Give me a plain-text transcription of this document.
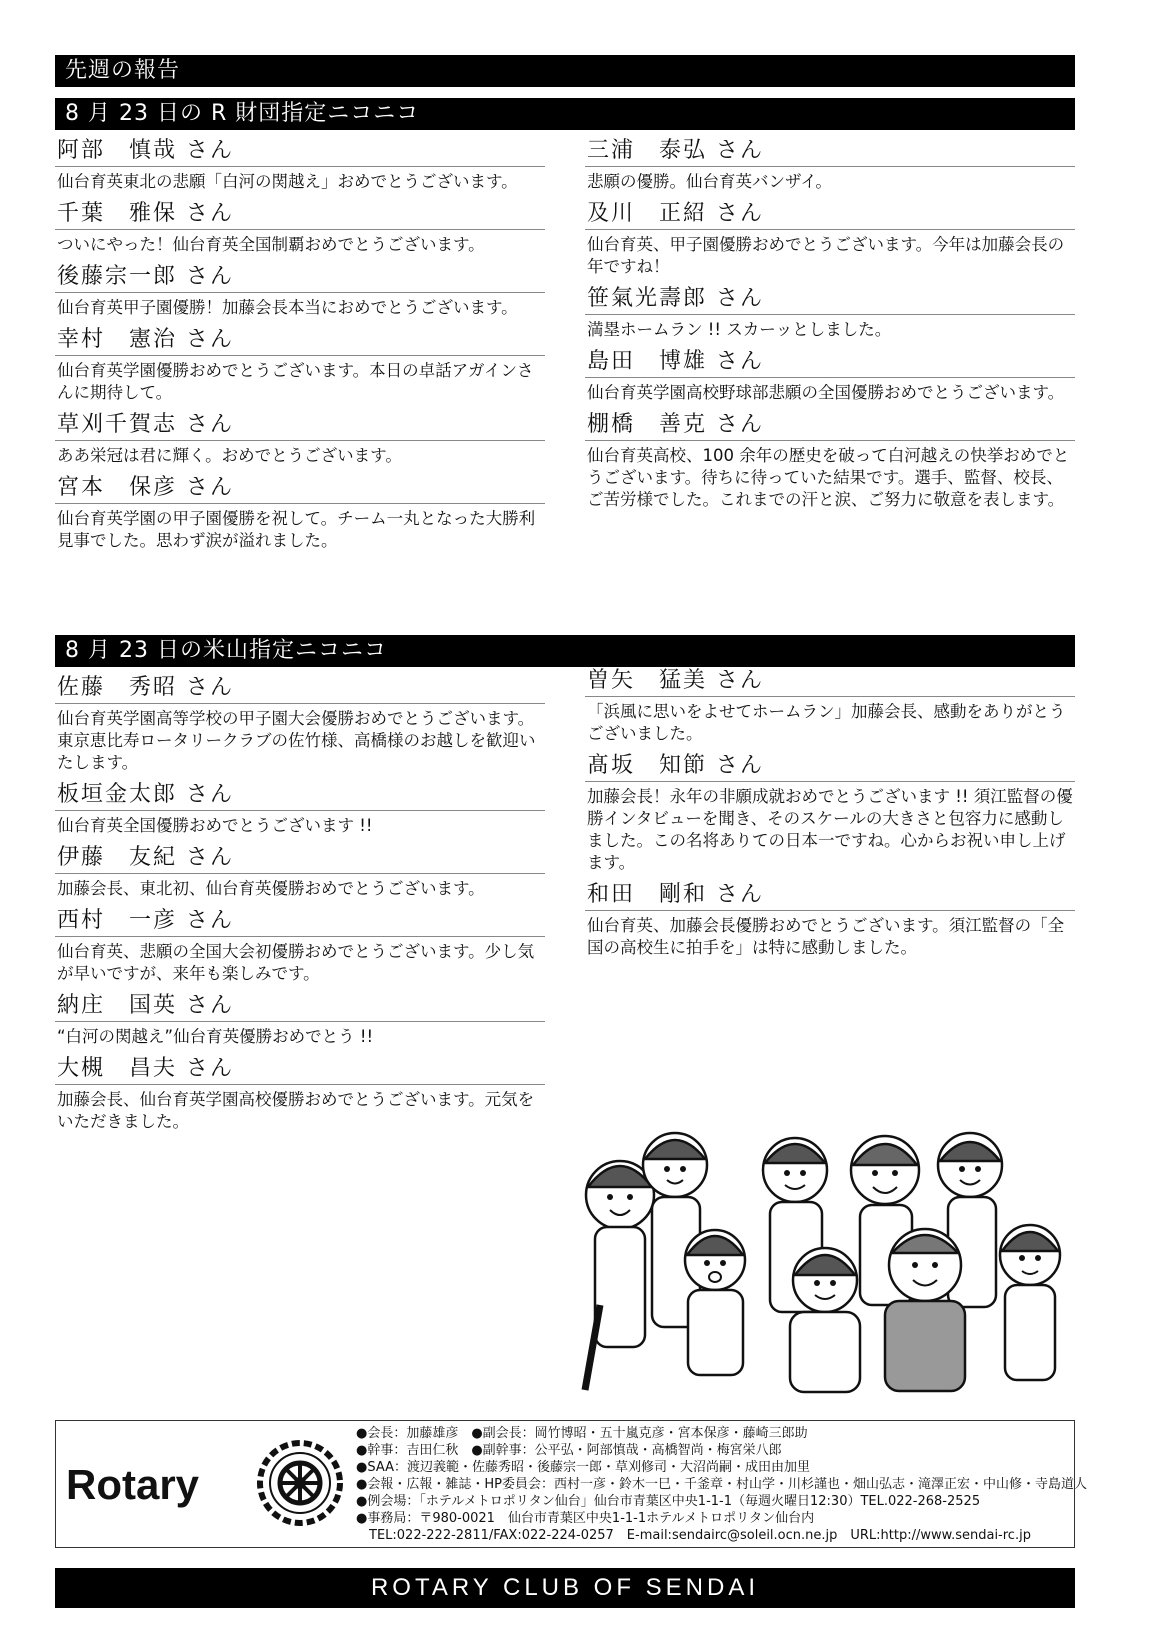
先週の報告
8 月 23 日の R 財団指定ニコニコ
阿部　慎哉 さん
仙台育英東北の悲願「白河の関越え」おめでとうございます。
千葉　雅保 さん
ついにやった！仙台育英全国制覇おめでとうございます。
後藤宗一郎 さん
仙台育英甲子園優勝！加藤会長本当におめでとうございます。
幸村　憲治 さん
仙台育英学園優勝おめでとうございます。本日の卓話アガインさんに期待して。
草刈千賀志 さん
ああ栄冠は君に輝く。おめでとうございます。
宮本　保彦 さん
仙台育英学園の甲子園優勝を祝して。チーム一丸となった大勝利見事でした。思わず涙が溢れました。
三浦　泰弘 さん
悲願の優勝。仙台育英バンザイ。
及川　正紹 さん
仙台育英、甲子園優勝おめでとうございます。今年は加藤会長の年ですね！
笹氣光壽郎 さん
満塁ホームラン !! スカーッとしました。
島田　博雄 さん
仙台育英学園高校野球部悲願の全国優勝おめでとうございます。
棚橋　善克 さん
仙台育英高校、100 余年の歴史を破って白河越えの快挙おめでとうございます。待ちに待っていた結果です。選手、監督、校長、ご苦労様でした。これまでの汗と涙、ご努力に敬意を表します。
8 月 23 日の米山指定ニコニコ
佐藤　秀昭 さん
仙台育英学園高等学校の甲子園大会優勝おめでとうございます。東京恵比寿ロータリークラブの佐竹様、高橋様のお越しを歓迎いたします。
板垣金太郎 さん
仙台育英全国優勝おめでとうございます !!
伊藤　友紀 さん
加藤会長、東北初、仙台育英優勝おめでとうございます。
西村　一彦 さん
仙台育英、悲願の全国大会初優勝おめでとうございます。少し気が早いですが、来年も楽しみです。
納庄　国英 さん
“白河の関越え”仙台育英優勝おめでとう !!
大槻　昌夫 さん
加藤会長、仙台育英学園高校優勝おめでとうございます。元気をいただきました。
曽矢　猛美 さん
「浜風に思いをよせてホームラン」加藤会長、感動をありがとうございました。
髙坂　知節 さん
加藤会長！永年の非願成就おめでとうございます !! 須江監督の優勝インタビューを聞き、そのスケールの大きさと包容力に感動しました。この名将ありての日本一ですね。心からお祝い申し上げます。
和田　剛和 さん
仙台育英、加藤会長優勝おめでとうございます。須江監督の「全国の高校生に拍手を」は特に感動しました。
Rotary
●会長：加藤雄彦　●副会長：岡竹博昭・五十嵐克彦・宮本保彦・藤崎三郎助
●幹事：吉田仁秋　●副幹事：公平弘・阿部慎哉・高橋智尚・梅宮栄八郎
●SAA：渡辺義範・佐藤秀昭・後藤宗一郎・草刈修司・大沼尚嗣・成田由加里
●会報・広報・雑誌・HP委員会：西村一彦・鈴木一巳・千釜章・村山学・川杉謹也・畑山弘志・滝澤正宏・中山修・寺島道人
●例会場：「ホテルメトロポリタン仙台」仙台市青葉区中央1-1-1（毎週火曜日12:30）TEL.022-268-2525
●事務局：〒980-0021　仙台市青葉区中央1-1-1ホテルメトロポリタン仙台内
　TEL:022-222-2811/FAX:022-224-0257　E-mail:sendairc@soleil.ocn.ne.jp　URL:http://www.sendai-rc.jp
ROTARY CLUB OF SENDAI
